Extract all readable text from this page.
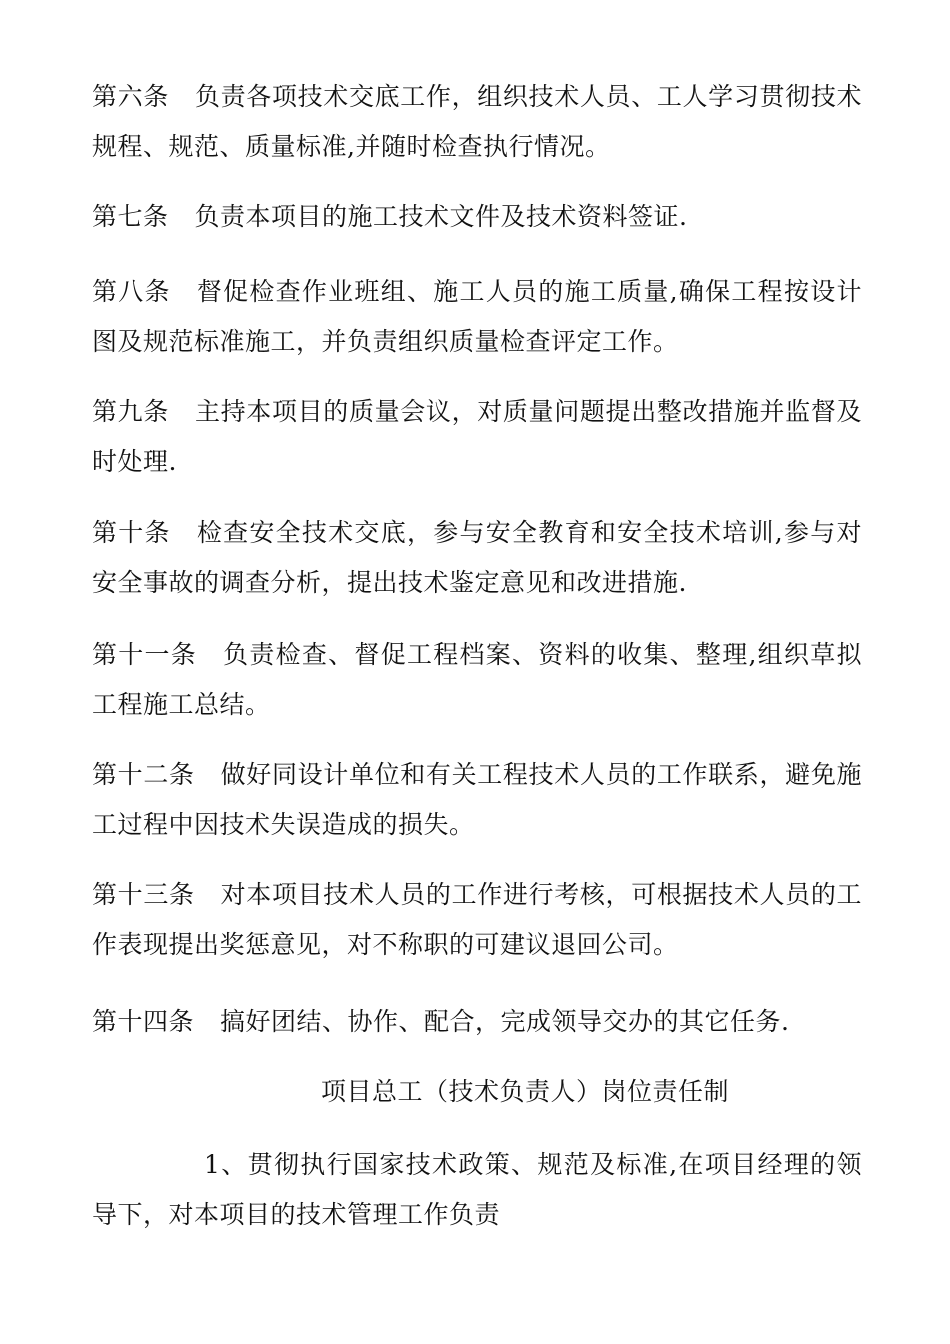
第六条 负责各项技术交底工作，组织技术人员、工人学习贯彻技术规程、规范、质量标准,并随时检查执行情况。

第七条 负责本项目的施工技术文件及技术资料签证.

第八条 督促检查作业班组、施工人员的施工质量,确保工程按设计图及规范标准施工，并负责组织质量检查评定工作。

第九条 主持本项目的质量会议，对质量问题提出整改措施并监督及时处理.

第十条 检查安全技术交底，参与安全教育和安全技术培训,参与对安全事故的调查分析，提出技术鉴定意见和改进措施.

第十一条 负责检查、督促工程档案、资料的收集、整理,组织草拟工程施工总结。

第十二条 做好同设计单位和有关工程技术人员的工作联系，避免施工过程中因技术失误造成的损失。

第十三条 对本项目技术人员的工作进行考核，可根据技术人员的工作表现提出奖惩意见，对不称职的可建议退回公司。

第十四条 搞好团结、协作、配合，完成领导交办的其它任务.

项目总工（技术负责人）岗位责任制

1、贯彻执行国家技术政策、规范及标准,在项目经理的领导下，对本项目的技术管理工作负责
